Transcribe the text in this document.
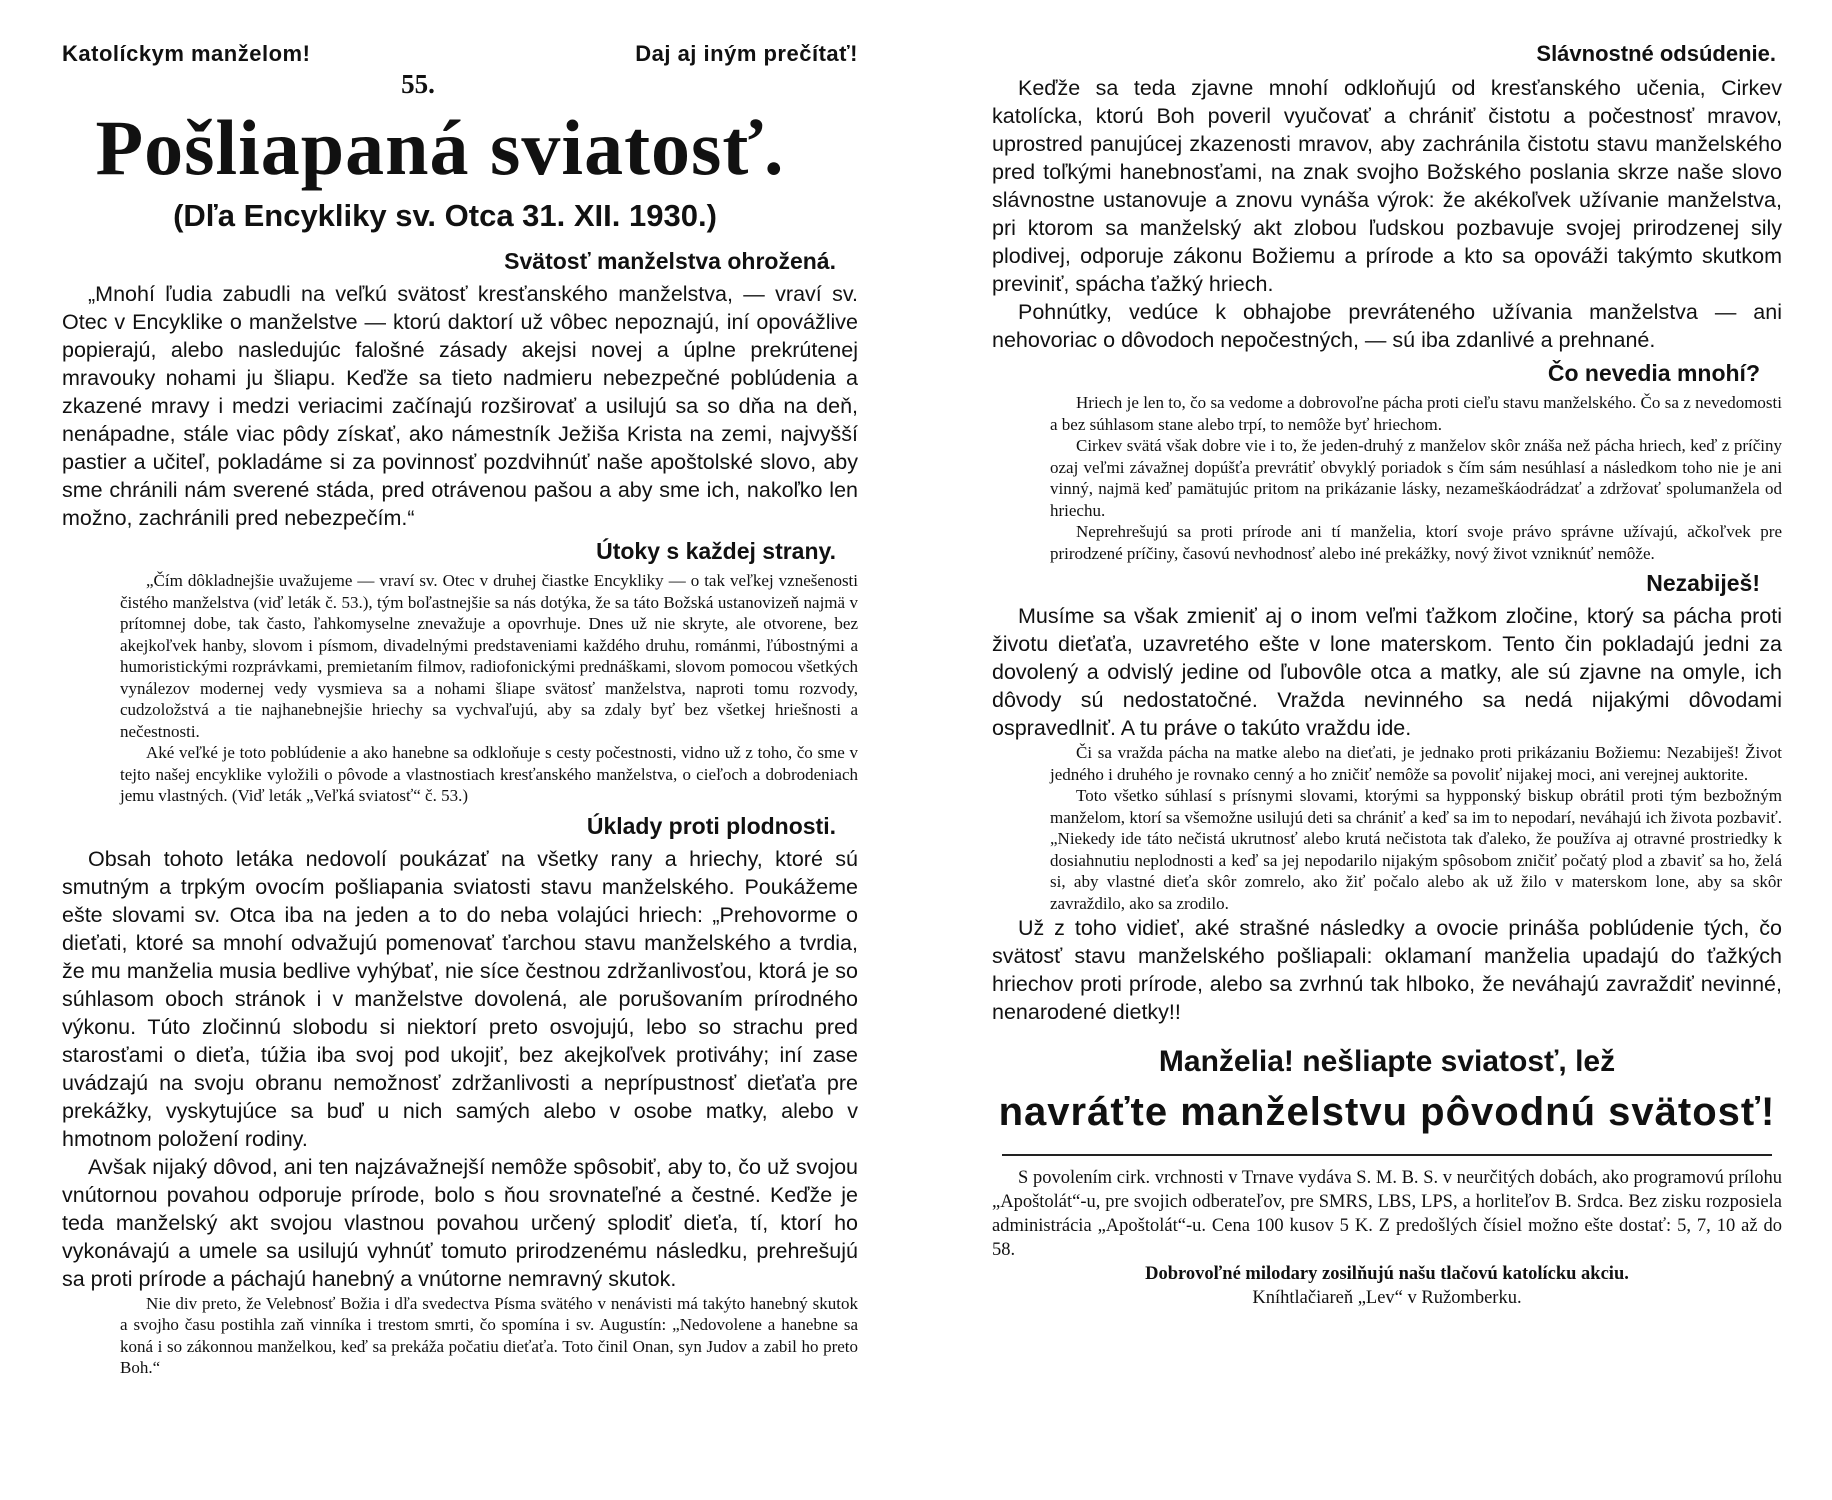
Katolíckym manželom!	Daj aj iným prečítať!
55.
Pošliapaná sviatosť.
(Dľa Encykliky sv. Otca 31. XII. 1930.)
Svätosť manželstva ohrožená.

„Mnohí ľudia zabudli na veľkú svätosť kresťanského manželstva, — vraví sv. Otec v Encyklike o manželstve — ktorú daktorí už vôbec nepoznajú, iní opovážlive popierajú, alebo nasledujúc falošné zásady akejsi novej a úplne prekrútenej mravouky nohami ju šliapu. Keďže sa tieto nadmieru nebezpečné poblúdenia a zkazené mravy i medzi veriacimi začínajú rozširovať a usilujú sa so dňa na deň, nenápadne, stále viac pôdy získať, ako námestník Ježiša Krista na zemi, najvyšší pastier a učiteľ, pokladáme si za povinnosť pozdvihnúť naše apoštolské slovo, aby sme chránili nám sverené stáda, pred otrávenou pašou a aby sme ich, nakoľko len možno, zachránili pred nebezpečím.“

Útoky s každej strany.

„Čím dôkladnejšie uvažujeme — vraví sv. Otec v druhej čiastke Encykliky — o tak veľkej vznešenosti čistého manželstva (viď leták č. 53.), tým boľastnejšie sa nás dotýka, že sa táto Božská ustanovizeň najmä v prítomnej dobe, tak často, ľahkomyselne znevažuje a opovrhuje. Dnes už nie skryte, ale otvorene, bez akejkoľvek hanby, slovom i písmom, divadelnými predstaveniami každého druhu, románmi, ľúbostnými a humoristickými rozprávkami, premietaním filmov, radiofonickými prednáškami, slovom pomocou všetkých vynálezov modernej vedy vysmieva sa a nohami šliape svätosť manželstva, naproti tomu rozvody, cudzoložstvá a tie najhanebnejšie hriechy sa vychvaľujú, aby sa zdaly byť bez všetkej hriešnosti a nečestnosti.

Aké veľké je toto poblúdenie a ako hanebne sa odkloňuje s cesty počestnosti, vidno už z toho, čo sme v tejto našej encyklike vyložili o pôvode a vlastnostiach kresťanského manželstva, o cieľoch a dobrodeniach jemu vlastných. (Viď leták „Veľká sviatosť“ č. 53.)

Úklady proti plodnosti.

Obsah tohoto letáka nedovolí poukázať na všetky rany a hriechy, ktoré sú smutným a trpkým ovocím pošliapania sviatosti stavu manželského. Poukážeme ešte slovami sv. Otca iba na jeden a to do neba volajúci hriech: „Prehovorme o dieťati, ktoré sa mnohí odvažujú pomenovať ťarchou stavu manželského a tvrdia, že mu manželia musia bedlive vyhýbať, nie síce čestnou zdržanlivosťou, ktorá je so súhlasom oboch stránok i v manželstve dovolená, ale porušovaním prírodného výkonu. Túto zločinnú slobodu si niektorí preto osvojujú, lebo so strachu pred starosťami o dieťa, túžia iba svoj pod ukojiť, bez akejkoľvek protiváhy; iní zase uvádzajú na svoju obranu nemožnosť zdržanlivosti a neprípustnosť dieťaťa pre prekážky, vyskytujúce sa buď u nich samých alebo v osobe matky, alebo v hmotnom položení rodiny.

Avšak nijaký dôvod, ani ten najzávažnejší nemôže spôsobiť, aby to, čo už svojou vnútornou povahou odporuje prírode, bolo s ňou srovnateľné a čestné. Keďže je teda manželský akt svojou vlastnou povahou určený splodiť dieťa, tí, ktorí ho vykonávajú a umele sa usilujú vyhnúť tomuto prirodzenému následku, prehrešujú sa proti prírode a páchajú hanebný a vnútorne nemravný skutok.

Nie div preto, že Velebnosť Božia i dľa svedectva Písma svätého v nenávisti má takýto hanebný skutok a svojho času postihla zaň vinníka i trestom smrti, čo spomína i sv. Augustín: „Nedovolene a hanebne sa koná i so zákonnou manželkou, keď sa prekáža počatiu dieťaťa. Toto činil Onan, syn Judov a zabil ho preto Boh.“

Slávnostné odsúdenie.

Keďže sa teda zjavne mnohí odkloňujú od kresťanského učenia, Cirkev katolícka, ktorú Boh poveril vyučovať a chrániť čistotu a počestnosť mravov, uprostred panujúcej zkazenosti mravov, aby zachránila čistotu stavu manželského pred toľkými hanebnosťami, na znak svojho Božského poslania skrze naše slovo slávnostne ustanovuje a znovu vynáša výrok: že akékoľvek užívanie manželstva, pri ktorom sa manželský akt zlobou ľudskou pozbavuje svojej prirodzenej sily plodivej, odporuje zákonu Božiemu a prírode a kto sa opováži takýmto skutkom previniť, spácha ťažký hriech.

Pohnútky, vedúce k obhajobe prevráteného užívania manželstva — ani nehovoriac o dôvodoch nepočestných, — sú iba zdanlivé a prehnané.

Čo nevedia mnohí?

Hriech je len to, čo sa vedome a dobrovoľne páchа proti cieľu stavu manželského. Čo sa z nevedomosti a bez súhlasom stane alebo trpí, to nemôže byť hriechom.

Cirkev svätá však dobre vie i to, že jeden-druhý z manželov skôr znáša než pácha hriech, keď z príčiny ozaj veľmi závažnej dopúšťa prevrátiť obvyklý poriadok s čím sám nesúhlasí a následkom toho nie je ani vinný, najmä keď pamätujúc pritom na prikázanie lásky, nezameškáodrádzať a zdržovať spolumanžela od hriechu.

Neprehrešujú sa proti prírode ani tí manželia, ktorí svoje právo správne užívajú, ačkoľvek pre prirodzené príčiny, časovú nevhodnosť alebo iné prekážky, nový život vzniknúť nemôže.

Nezabiješ!

Musíme sa však zmieniť aj o inom veľmi ťažkom zločine, ktorý sa pácha proti životu dieťaťa, uzavretého ešte v lone materskom. Tento čin pokladajú jedni za dovolený a odvislý jedine od ľubovôle otca a matky, ale sú zjavne na omyle, ich dôvody sú nedostatočné. Vražda nevinného sa nedá nijakými dôvodami ospravedlniť. A tu práve o takúto vraždu ide.

Či sa vražda pácha na matke alebo na dieťati, je jednako proti prikázaniu Božiemu: Nezabiješ! Život jedného i druhého je rovnako cenný a ho zničiť nemôže sa povoliť nijakej moci, ani verejnej auktorite.

Toto všetko súhlasí s prísnymi slovami, ktorými sa hypponský biskup obrátil proti tým bezbožným manželom, ktorí sa všemožne usilujú deti sa chrániť a keď sa im to nepodarí, neváhajú ich života pozbaviť. „Niekedy ide táto nečistá ukrutnosť alebo krutá nečistota tak ďaleko, že používa aj otravné prostriedky k dosiahnutiu neplodnosti a keď sa jej nepodarilo nijakým spôsobom zničiť počatý plod a zbaviť sa ho, želá si, aby vlastné dieťa skôr zomrelo, ako žiť počalo alebo ak už žilo v materskom lone, aby sa skôr zavraždilo, ako sa zrodilo.

Už z toho vidieť, aké strašné následky a ovocie prináša poblúdenie tých, čo svätosť stavu manželského pošliapali: oklamaní manželia upadajú do ťažkých hriechov proti prírode, alebo sa zvrhnú tak hlboko, že neváhajú zavraždiť nevinné, nenarodené dietky!!

Manželia! nešliapte sviatosť, lež
navráťte manželstvu pôvodnú svätosť!

S povolením cirk. vrchnosti v Trnave vydáva S. M. B. S. v neurčitých dobách, ako programovú prílohu „Apoštolát“-u, pre svojich odberateľov, pre SMRS, LBS, LPS, a horliteľov B. Srdca. Bez zisku rozposiela administrácia „Apoštolát“-u. Cena 100 kusov 5 K. Z predošlých čísiel možno ešte dostať: 5, 7, 10 až do 58.

Dobrovoľné milodary zosilňujú našu tlačovú katolícku akciu.

Kníhtlačiareň „Lev“ v Ružomberku.
